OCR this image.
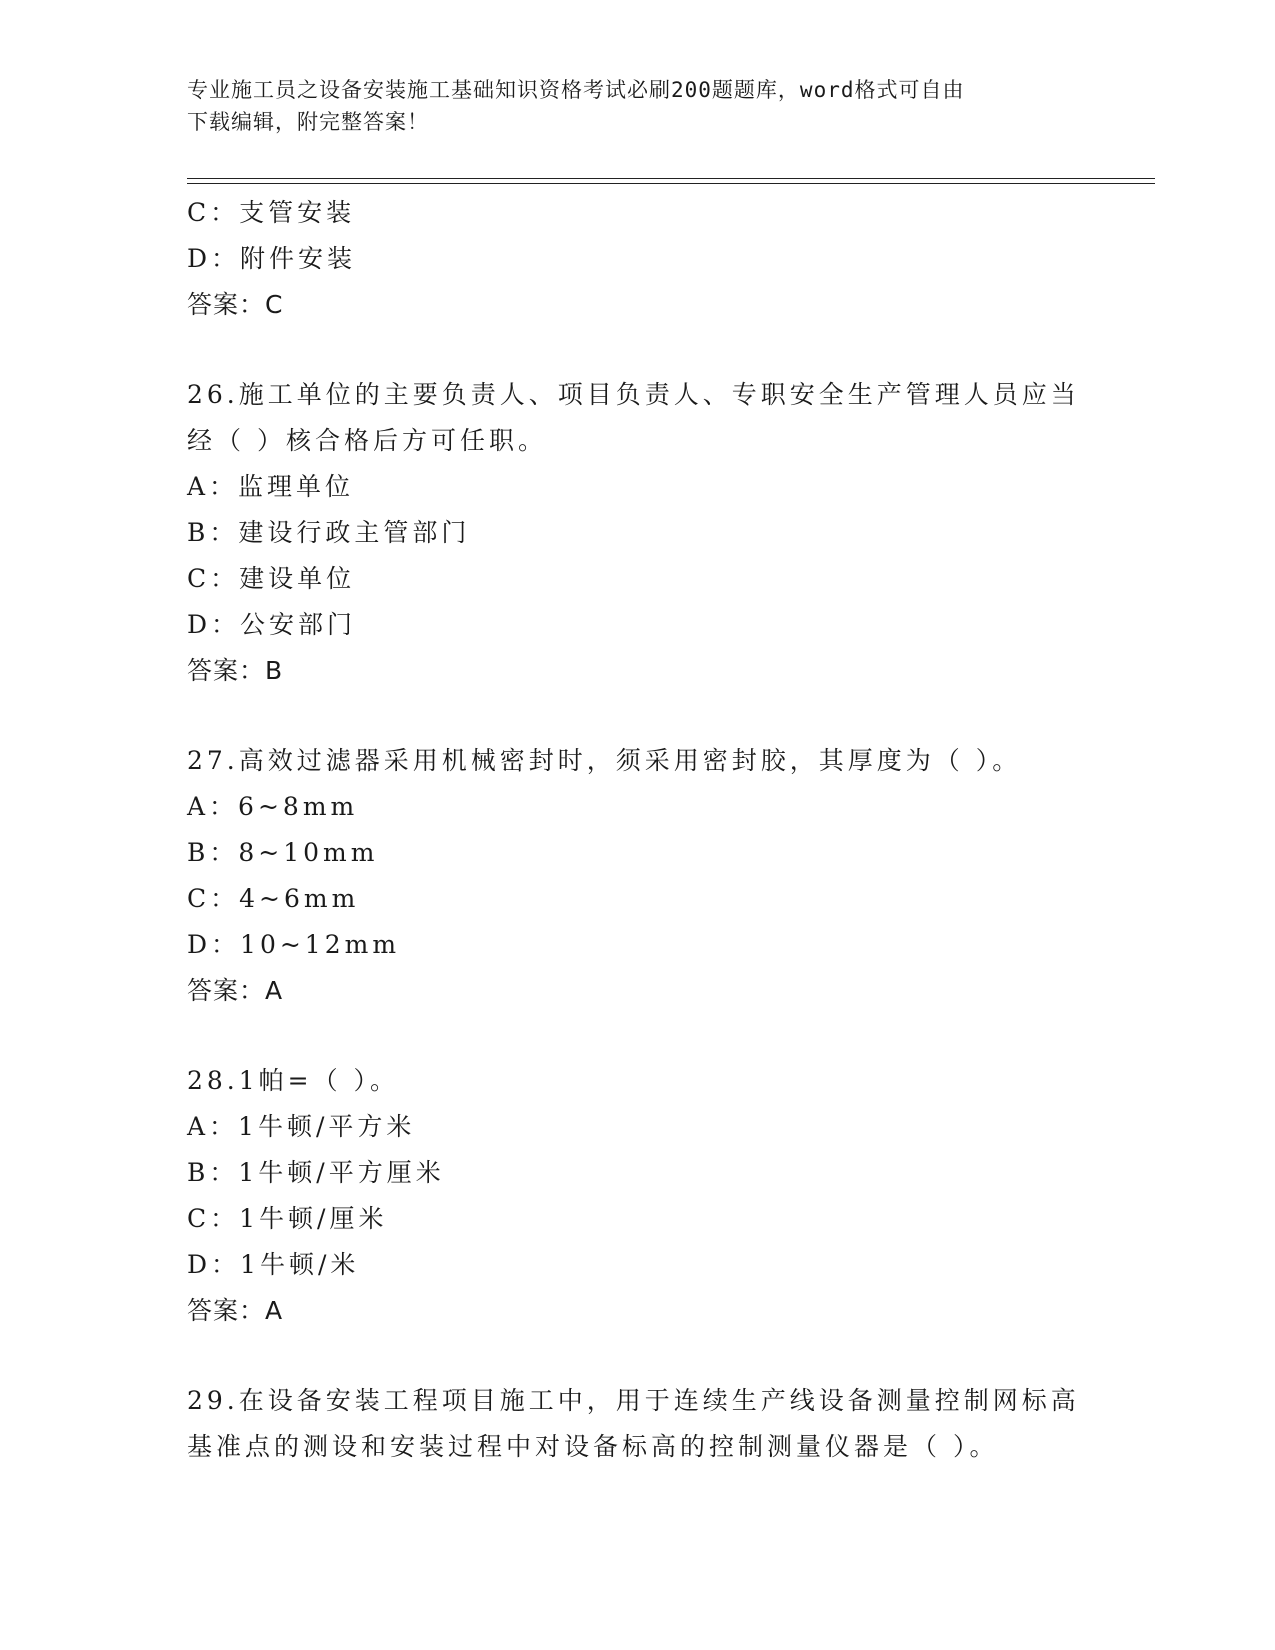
专业施工员之设备安装施工基础知识资格考试必刷200题题库，word格式可自由
下载编辑，附完整答案！
C：支管安装
D：附件安装
答案：C
26.施工单位的主要负责人、项目负责人、专职安全生产管理人员应当
经（ ）核合格后方可任职。
A：监理单位
B：建设行政主管部门
C：建设单位
D：公安部门
答案：B
27.高效过滤器采用机械密封时，须采用密封胶，其厚度为（ ）。
A：6~8mm
B：8~10mm
C：4~6mm
D：10~12mm
答案：A
28.1帕=（ ）。
A：1牛顿/平方米
B：1牛顿/平方厘米
C：1牛顿/厘米
D：1牛顿/米
答案：A
29.在设备安装工程项目施工中，用于连续生产线设备测量控制网标高
基准点的测设和安装过程中对设备标高的控制测量仪器是（ ）。
